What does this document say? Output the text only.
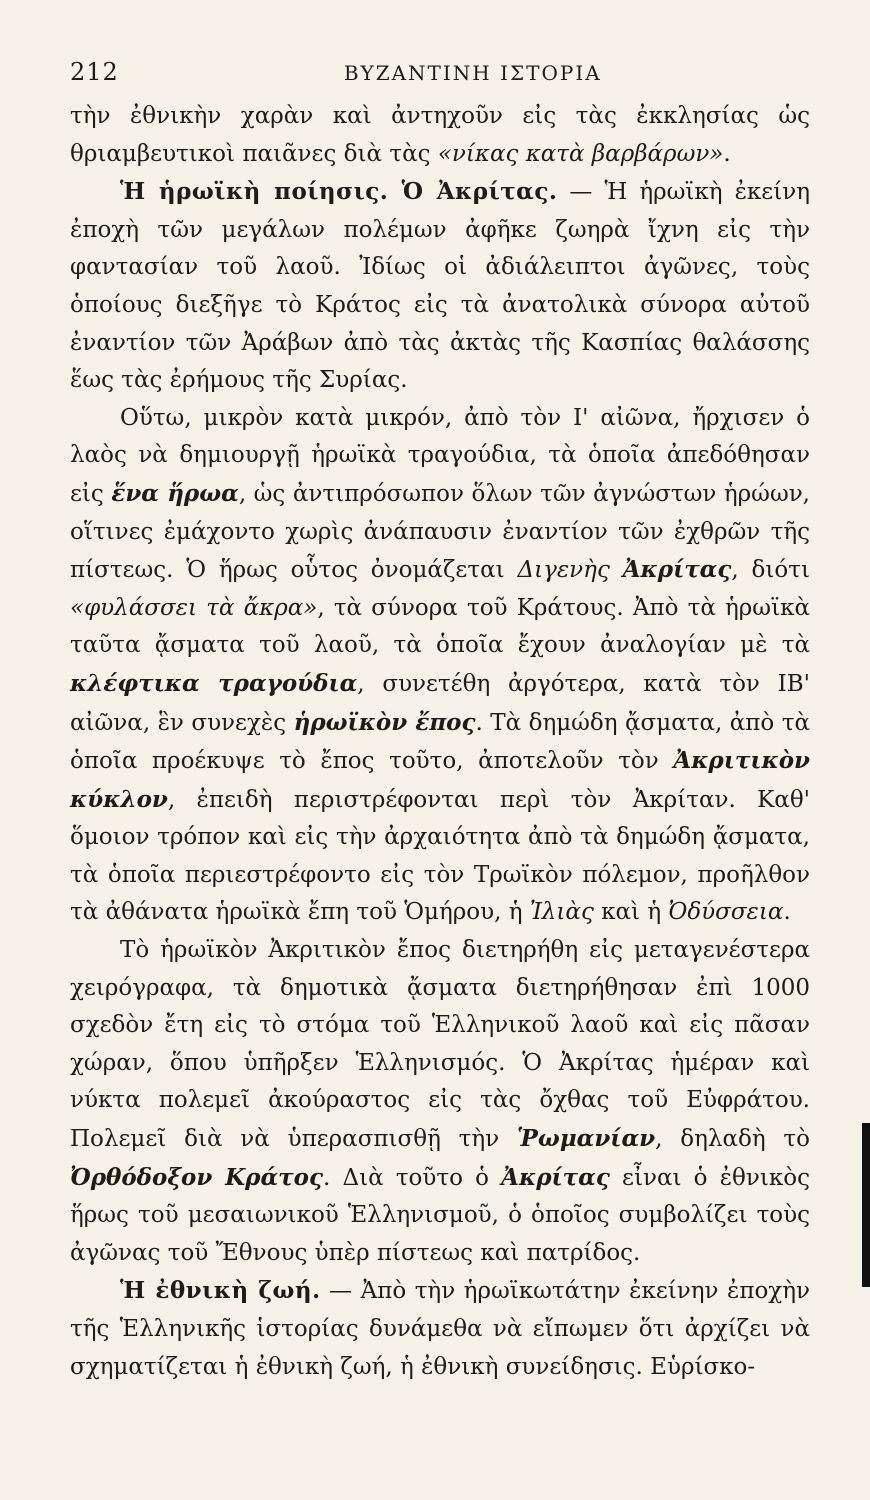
212	ΒΥΖΑΝΤΙΝΗ ΙΣΤΟΡΙΑ

τὴν ἐθνικὴν χαρὰν καὶ ἀντηχοῦν εἰς τὰς ἐκκλησίας ὡς θριαμβευτικοὶ παιᾶνες διὰ τὰς «νίκας κατὰ βαρβάρων».

Ἡ ἡρωϊκὴ ποίησις. Ὁ Ἀκρίτας. — Ἡ ἡρωϊκὴ ἐκείνη ἐποχὴ τῶν μεγάλων πολέμων ἀφῆκε ζωηρὰ ἴχνη εἰς τὴν φαντασίαν τοῦ λαοῦ. Ἰδίως οἱ ἀδιάλειπτοι ἀγῶνες, τοὺς ὁποίους διεξῆγε τὸ Κράτος εἰς τὰ ἀνατολικὰ σύνορα αὐτοῦ ἐναντίον τῶν Ἀράβων ἀπὸ τὰς ἀκτὰς τῆς Κασπίας θαλάσσης ἕως τὰς ἐρήμους τῆς Συρίας.

Οὕτω, μικρὸν κατὰ μικρόν, ἀπὸ τὸν Ι' αἰῶνα, ἤρχισεν ὁ λαὸς νὰ δημιουργῇ ἡρωϊκὰ τραγούδια, τὰ ὁποῖα ἀπεδόθησαν εἰς ἕνα ἥρωα, ὡς ἀντιπρόσωπον ὅλων τῶν ἀγνώστων ἡρώων, οἵτινες ἐμάχοντο χωρὶς ἀνάπαυσιν ἐναντίον τῶν ἐχθρῶν τῆς πίστεως. Ὁ ἥρως οὗτος ὀνομάζεται Διγενὴς Ἀκρίτας, διότι «φυλάσσει τὰ ἄκρα», τὰ σύνορα τοῦ Κράτους. Ἀπὸ τὰ ἡρωϊκὰ ταῦτα ᾄσματα τοῦ λαοῦ, τὰ ὁποῖα ἔχουν ἀναλογίαν μὲ τὰ κλέφτικα τραγούδια, συνετέθη ἀργότερα, κατὰ τὸν ΙΒ' αἰῶνα, ἓν συνεχὲς ἡρωϊκὸν ἔπος. Τὰ δημώδη ᾄσματα, ἀπὸ τὰ ὁποῖα προέκυψε τὸ ἔπος τοῦτο, ἀποτελοῦν τὸν Ἀκριτικὸν κύκλον, ἐπειδὴ περιστρέφονται περὶ τὸν Ἀκρίταν. Καθ' ὅμοιον τρόπον καὶ εἰς τὴν ἀρχαιότητα ἀπὸ τὰ δημώδη ᾄσματα, τὰ ὁποῖα περιεστρέφοντο εἰς τὸν Τρωϊκὸν πόλεμον, προῆλθον τὰ ἀθάνατα ἡρωϊκὰ ἔπη τοῦ Ὁμήρου, ἡ Ἰλιὰς καὶ ἡ Ὀδύσσεια.

Τὸ ἡρωϊκὸν Ἀκριτικὸν ἔπος διετηρήθη εἰς μεταγενέστερα χειρόγραφα, τὰ δημοτικὰ ᾄσματα διετηρήθησαν ἐπὶ 1000 σχεδὸν ἔτη εἰς τὸ στόμα τοῦ Ἑλληνικοῦ λαοῦ καὶ εἰς πᾶσαν χώραν, ὅπου ὑπῆρξεν Ἑλληνισμός. Ὁ Ἀκρίτας ἡμέραν καὶ νύκτα πολεμεῖ ἀκούραστος εἰς τὰς ὄχθας τοῦ Εὐφράτου. Πολεμεῖ διὰ νὰ ὑπερασπισθῇ τὴν Ῥωμανίαν, δηλαδὴ τὸ Ὀρθόδοξον Κράτος. Διὰ τοῦτο ὁ Ἀκρίτας εἶναι ὁ ἐθνικὸς ἥρως τοῦ μεσαιωνικοῦ Ἑλληνισμοῦ, ὁ ὁποῖος συμβολίζει τοὺς ἀγῶνας τοῦ Ἔθνους ὑπὲρ πίστεως καὶ πατρίδος.

Ἡ ἐθνικὴ ζωή. — Ἀπὸ τὴν ἡρωϊκωτάτην ἐκείνην ἐποχὴν τῆς Ἑλληνικῆς ἱστορίας δυνάμεθα νὰ εἴπωμεν ὅτι ἀρχίζει νὰ σχηματίζεται ἡ ἐθνικὴ ζωή, ἡ ἐθνικὴ συνείδησις. Εὑρίσκο-
